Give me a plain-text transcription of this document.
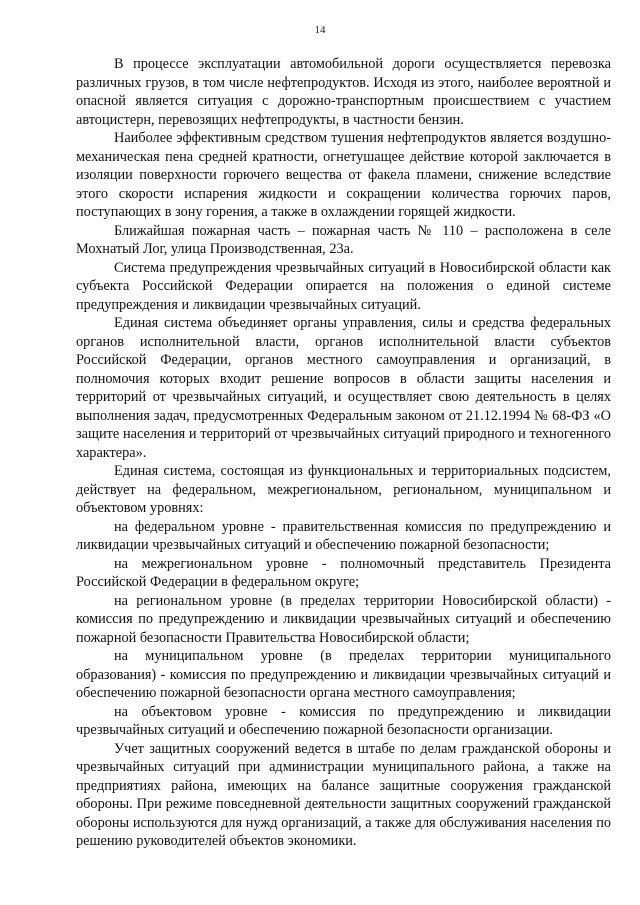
14

В процессе эксплуатации автомобильной дороги осуществляется перевозка различных грузов, в том числе нефтепродуктов. Исходя из этого, наиболее вероятной и опасной является ситуация с дорожно-транспортным происшествием с участием автоцистерн, перевозящих нефтепродукты, в частности бензин.

Наиболее эффективным средством тушения нефтепродуктов является воздушно-механическая пена средней кратности, огнетушащее действие которой заключается в изоляции поверхности горючего вещества от факела пламени, снижение вследствие этого скорости испарения жидкости и сокращении количества горючих паров, поступающих в зону горения, а также в охлаждении горящей жидкости.

Ближайшая пожарная часть – пожарная часть № 110 – расположена в селе Мохнатый Лог, улица Производственная, 23а.

Система предупреждения чрезвычайных ситуаций в Новосибирской области как субъекта Российской Федерации опирается на положения о единой системе предупреждения и ликвидации чрезвычайных ситуаций.

Единая система объединяет органы управления, силы и средства федеральных органов исполнительной власти, органов исполнительной власти субъектов Российской Федерации, органов местного самоуправления и организаций, в полномочия которых входит решение вопросов в области защиты населения и территорий от чрезвычайных ситуаций, и осуществляет свою деятельность в целях выполнения задач, предусмотренных Федеральным законом от 21.12.1994 № 68-ФЗ «О защите населения и территорий от чрезвычайных ситуаций природного и техногенного характера».

Единая система, состоящая из функциональных и территориальных подсистем, действует на федеральном, межрегиональном, региональном, муниципальном и объектовом уровнях:

на федеральном уровне - правительственная комиссия по предупреждению и ликвидации чрезвычайных ситуаций и обеспечению пожарной безопасности;

на межрегиональном уровне - полномочный представитель Президента Российской Федерации в федеральном округе;

на региональном уровне (в пределах территории Новосибирской области) - комиссия по предупреждению и ликвидации чрезвычайных ситуаций и обеспечению пожарной безопасности Правительства Новосибирской области;

на муниципальном уровне (в пределах территории муниципального образования) - комиссия по предупреждению и ликвидации чрезвычайных ситуаций и обеспечению пожарной безопасности органа местного самоуправления;

на объектовом уровне - комиссия по предупреждению и ликвидации чрезвычайных ситуаций и обеспечению пожарной безопасности организации.

Учет защитных сооружений ведется в штабе по делам гражданской обороны и чрезвычайных ситуаций при администрации муниципального района, а также на предприятиях района, имеющих на балансе защитные сооружения гражданской обороны. При режиме повседневной деятельности защитных сооружений гражданской обороны используются для нужд организаций, а также для обслуживания населения по решению руководителей объектов экономики.
